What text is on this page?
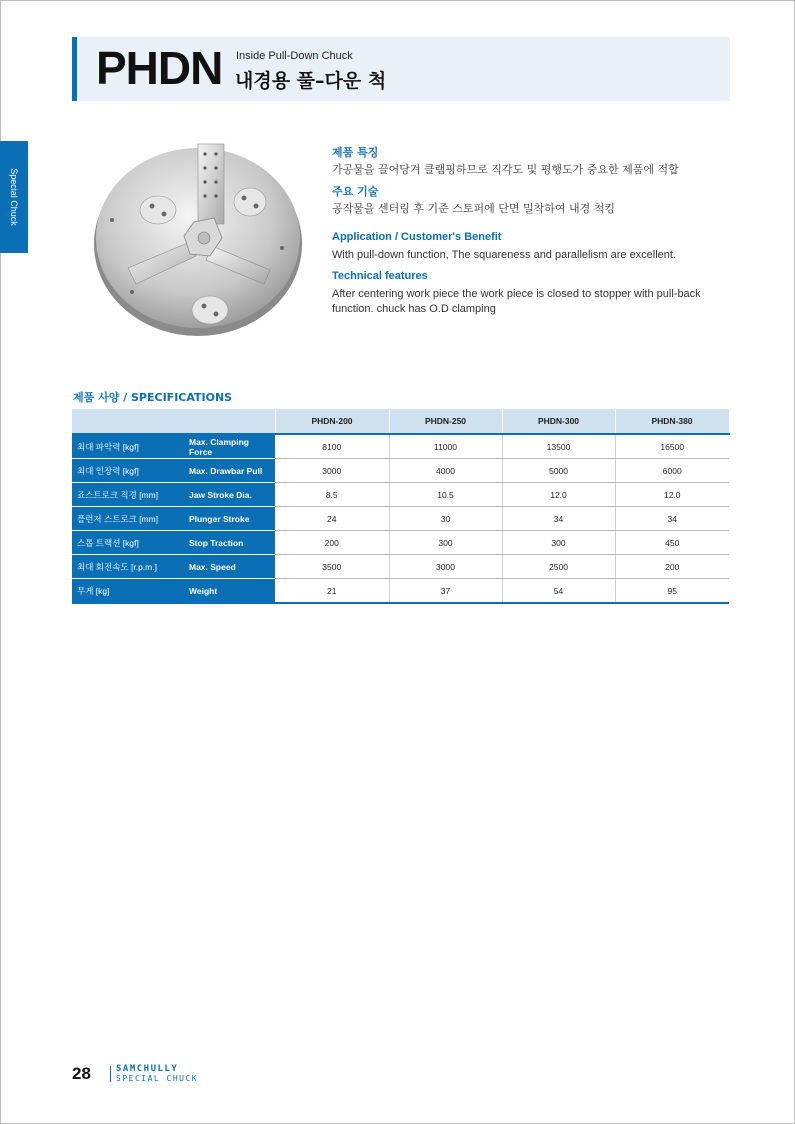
PHDN Inside Pull-Down Chuck
내경용 풀–다운 척
Special Chuck
제품 특징
가공물을 끌어당겨 클램핑하므로 직각도 및 평행도가 중요한 제품에 적합
주요 기술
공작물을 센터링 후 기준 스토퍼에 단면 밀착하여 내경 척킹
Application / Customer's Benefit
With pull-down function, The squareness and parallelism are excellent.
Technical features
After centering work piece the work piece is closed to stopper with pull-back function. chuck has O.D clamping
제품 사양 / SPECIFICATIONS
		PHDN-200	PHDN-250	PHDN-300	PHDN-380
최대 파악력 [kgf]	Max. Clamping Force	8100	11000	13500	16500
최대 인장력 [kgf]	Max. Drawbar Pull	3000	4000	5000	6000
죠스트로크 직경 [mm]	Jaw Stroke Dia.	8.5	10.5	12.0	12.0
플런저 스트로크 [mm]	Plunger Stroke	24	30	34	34
스톱 트랙션 [kgf]	Stop Traction	200	300	300	450
최대 회전속도 [r.p.m.]	Max. Speed	3500	3000	2500	200
무게 [kg]	Weight	21	37	54	95
28	SAMCHULLY
SPECIAL CHUCK
